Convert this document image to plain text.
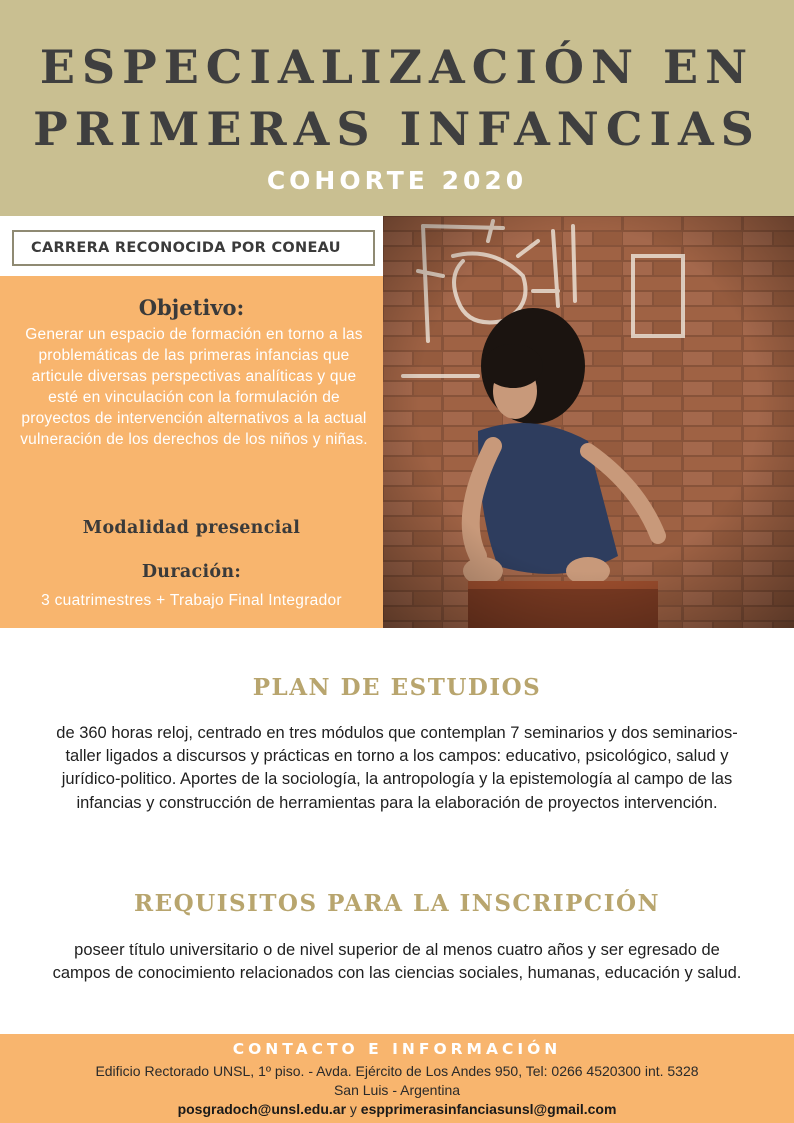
ESPECIALIZACIÓN EN
PRIMERAS INFANCIAS
COHORTE 2020
CARRERA RECONOCIDA POR CONEAU
Objetivo:
Generar un espacio de formación en torno a las problemáticas de las primeras infancias que articule diversas perspectivas analíticas y que esté en vinculación con la formulación de proyectos de intervención alternativos a la actual vulneración de los derechos de los niños y niñas.
Modalidad presencial
Duración:
3 cuatrimestres + Trabajo Final Integrador
PLAN DE ESTUDIOS
de 360 horas reloj, centrado en tres módulos que contemplan 7 seminarios y dos seminarios-taller ligados a discursos y prácticas en torno a los campos: educativo, psicológico, salud y jurídico-politico. Aportes de la sociología, la antropología y la epistemología al campo de las infancias y construcción de herramientas para la elaboración de proyectos intervención.
REQUISITOS PARA LA INSCRIPCIÓN
poseer título universitario o de nivel superior de al menos cuatro años y ser egresado de campos de conocimiento relacionados con las ciencias sociales, humanas, educación y salud.
CONTACTO E INFORMACIÓN
Edificio Rectorado UNSL, 1º piso. - Avda. Ejército de Los Andes 950, Tel: 0266 4520300 int. 5328
San Luis - Argentina
posgradoch@unsl.edu.ar y espprimerasinfanciasunsl@gmail.com
